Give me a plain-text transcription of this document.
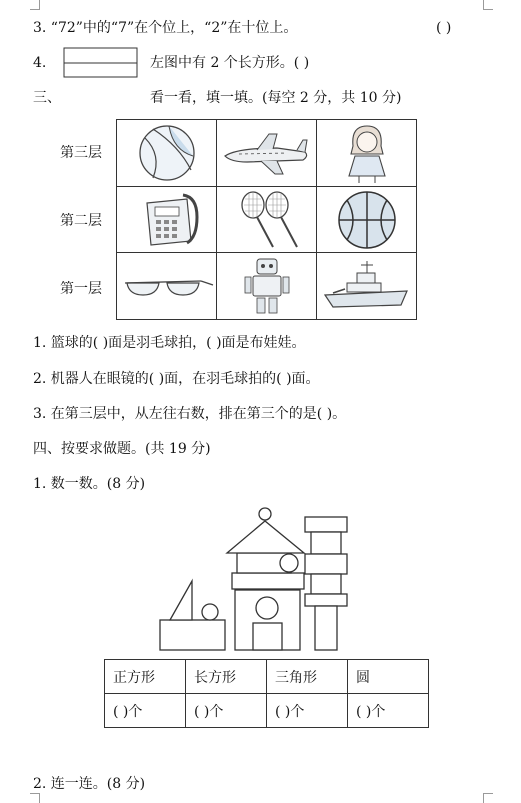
3. “72”中的“7”在个位上，“2”在十位上。	( )
4.	左图中有 2 个长方形。( )
三、	看一看，填一填。(每空 2 分，共 10 分)
第三层
第二层
第一层
1. 篮球的( )面是羽毛球拍，( )面是布娃娃。
2. 机器人在眼镜的( )面，在羽毛球拍的( )面。
3. 在第三层中，从左往右数，排在第三个的是( )。
四、按要求做题。(共 19 分)
1. 数一数。(8 分)
正方形	长方形	三角形	圆
( )个	( )个	( )个	( )个
2. 连一连。(8 分)
